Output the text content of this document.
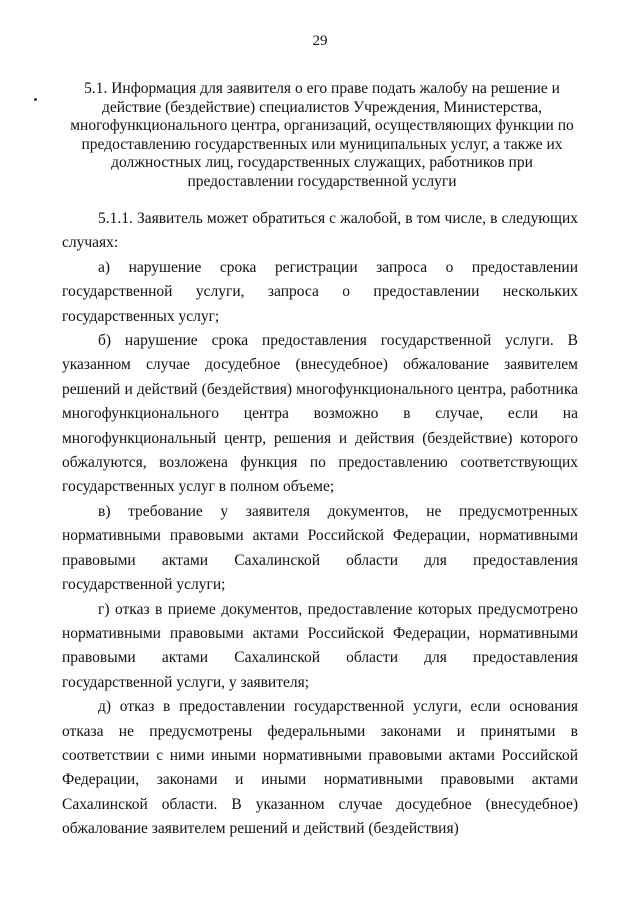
29
5.1. Информация для заявителя о его праве подать жалобу на решение и действие (бездействие) специалистов Учреждения, Министерства, многофункционального центра, организаций, осуществляющих функции по предоставлению государственных или муниципальных услуг, а также их должностных лиц, государственных служащих, работников при предоставлении государственной услуги

5.1.1. Заявитель может обратиться с жалобой, в том числе, в следующих случаях:

а) нарушение срока регистрации запроса о предоставлении государственной услуги, запроса о предоставлении нескольких государственных услуг;

б) нарушение срока предоставления государственной услуги. В указанном случае досудебное (внесудебное) обжалование заявителем решений и действий (бездействия) многофункционального центра, работника многофункционального центра возможно в случае, если на многофункциональный центр, решения и действия (бездействие) которого обжалуются, возложена функция по предоставлению соответствующих государственных услуг в полном объеме;

в) требование у заявителя документов, не предусмотренных нормативными правовыми актами Российской Федерации, нормативными правовыми актами Сахалинской области для предоставления государственной услуги;

г) отказ в приеме документов, предоставление которых предусмотрено нормативными правовыми актами Российской Федерации, нормативными правовыми актами Сахалинской области для предоставления государственной услуги, у заявителя;

д) отказ в предоставлении государственной услуги, если основания отказа не предусмотрены федеральными законами и принятыми в соответствии с ними иными нормативными правовыми актами Российской Федерации, законами и иными нормативными правовыми актами Сахалинской области. В указанном случае досудебное (внесудебное) обжалование заявителем решений и действий (бездействия)
